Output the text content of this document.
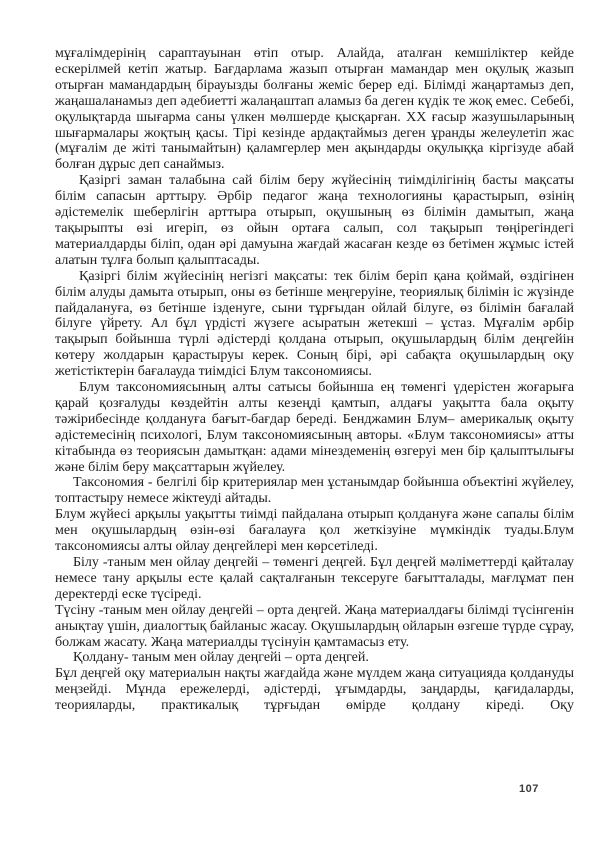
мұғалімдерінің сараптауынан өтіп отыр. Алайда, аталған кемшіліктер кейде ескерілмей кетіп жатыр. Бағдарлама жазып отырған мамандар мен оқулық жазып отырған мамандардың бірауызды болғаны жеміс берер еді. Білімді жаңартамыз деп, жаңашаланамыз деп әдебиетті жалаңаштап аламыз ба деген күдік те жоқ емес. Себебі, оқулықтарда шығарма саны үлкен мөлшерде қысқарған. ХХ ғасыр жазушыларының шығармалары жоқтың қасы. Тірі кезінде ардақтаймыз деген ұранды желеулетіп жас (мұғалім де жіті танымайтын) қаламгерлер мен ақындарды оқулыққа кіргізуде абай болған дұрыс деп санаймыз.

Қазіргі заман талабына сай білім беру жүйесінің тиімділігінің басты мақсаты білім сапасын арттыру. Әрбір педагог жаңа технологияны қарастырып, өзінің әдістемелік шеберлігін арттыра отырып, оқушының өз білімін дамытып, жаңа тақырыпты өзі игеріп, өз ойын ортаға салып, сол тақырып төңірегіндегі материалдарды біліп, одан әрі дамуына жағдай жасаған кезде өз бетімен жұмыс істей алатын тұлға болып қалыптасады.

Қазіргі білім жүйесінің негізгі мақсаты: тек білім беріп қана қоймай, өздігінен білім алуды дамыта отырып, оны өз бетінше меңгеруіне, теориялық білімін іс жүзінде пайдалануға, өз бетінше ізденуге, сыни тұрғыдан ойлай білуге, өз білімін бағалай білуге үйрету. Ал бұл үрдісті жүзеге асыратын жетекші – ұстаз. Мұғалім әрбір тақырып бойынша түрлі әдістерді қолдана отырып, оқушылардың білім деңгейін көтеру жолдарын қарастыруы керек. Соның бірі, әрі сабақта оқушылардың оқу жетістіктерін бағалауда тиімдісі Блум таксономиясы.

Блум таксономиясының алты сатысы бойынша ең төменгі үдерістен жоғарыға қарай қозғалуды көздейтін алты кезеңді қамтып, алдағы уақытта бала оқыту тәжірибесінде қолдануға бағыт-бағдар береді. Бенджамин Блум– америкалық оқыту әдістемесінің психологі, Блум таксономиясының авторы. «Блум таксономиясы» атты кітабында өз теориясын дамытқан: адами мінездеменің өзгеруі мен бір қалыптылығы және білім беру мақсаттарын жүйелеу.

Таксономия - белгілі бір критериялар мен ұстанымдар бойынша объектіні жүйелеу, топтастыру немесе жіктеуді айтады.

Блум жүйесі арқылы уақытты тиімді пайдалана отырып қолдануға және сапалы білім мен оқушылардың өзін-өзі бағалауға қол жеткізуіне мүмкіндік туады.Блум таксономиясы алты ойлау деңгейлері мен көрсетіледі.

Білу -таным мен ойлау деңгейі – төменгі деңгей. Бұл деңгей мәліметтерді қайталау немесе тану арқылы есте қалай сақталғанын тексеруге бағытталады, мағлұмат пен деректерді еске түсіреді.

Түсіну -таным мен ойлау деңгейі – орта деңгей. Жаңа материалдағы білімді түсінгенін анықтау үшін, диалогтық байланыс жасау. Оқушылардың ойларын өзгеше түрде сұрау, болжам жасату. Жаңа материалды түсінуін қамтамасыз ету.

Қолдану- таным мен ойлау деңгейі – орта деңгей.

Бұл деңгей оқу материалын нақты жағдайда және мүлдем жаңа ситуацияда қолдануды меңзейді. Мұнда ережелерді, әдістерді, ұғымдарды, заңдарды, қағидаларды, теорияларды, практикалық тұрғыдан өмірде қолдану кіреді. Оқу

107
